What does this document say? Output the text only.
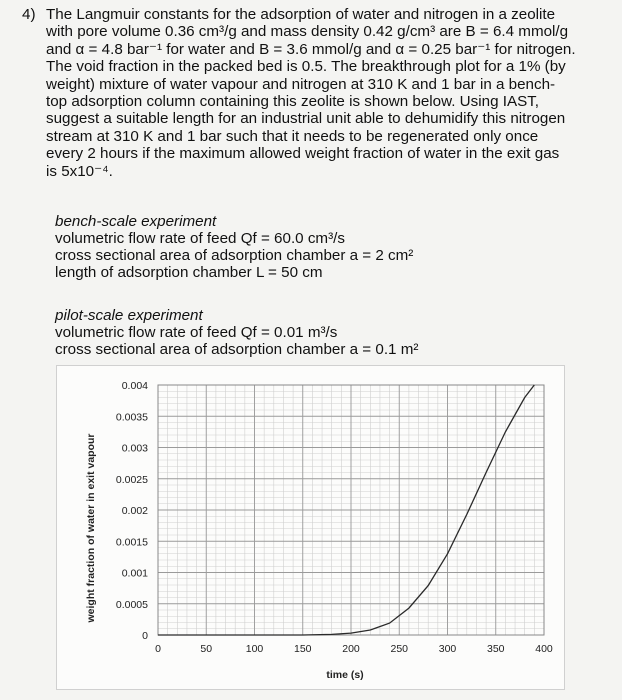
4) The Langmuir constants for the adsorption of water and nitrogen in a zeolite
with pore volume 0.36 cm³/g and mass density 0.42 g/cm³ are B = 6.4 mmol/g
and α = 4.8 bar⁻¹ for water and B = 3.6 mmol/g and α = 0.25 bar⁻¹ for nitrogen.
The void fraction in the packed bed is 0.5. The breakthrough plot for a 1% (by
weight) mixture of water vapour and nitrogen at 310 K and 1 bar in a bench-
top adsorption column containing this zeolite is shown below. Using IAST,
suggest a suitable length for an industrial unit able to dehumidify this nitrogen
stream at 310 K and 1 bar such that it needs to be regenerated only once
every 2 hours if the maximum allowed weight fraction of water in the exit gas
is 5x10⁻⁴.
bench-scale experiment
volumetric flow rate of feed Qf = 60.0 cm³/s
cross sectional area of adsorption chamber a = 2 cm²
length of adsorption chamber L = 50 cm
pilot-scale experiment
volumetric flow rate of feed Qf = 0.01 m³/s
cross sectional area of adsorption chamber a = 0.1 m²
0
0.0005
0.001
0.0015
0.002
0.0025
0.003
0.0035
0.004
0	50	100	150	200	250	300	350	400
time (s)
weight fraction of water in exit vapour
